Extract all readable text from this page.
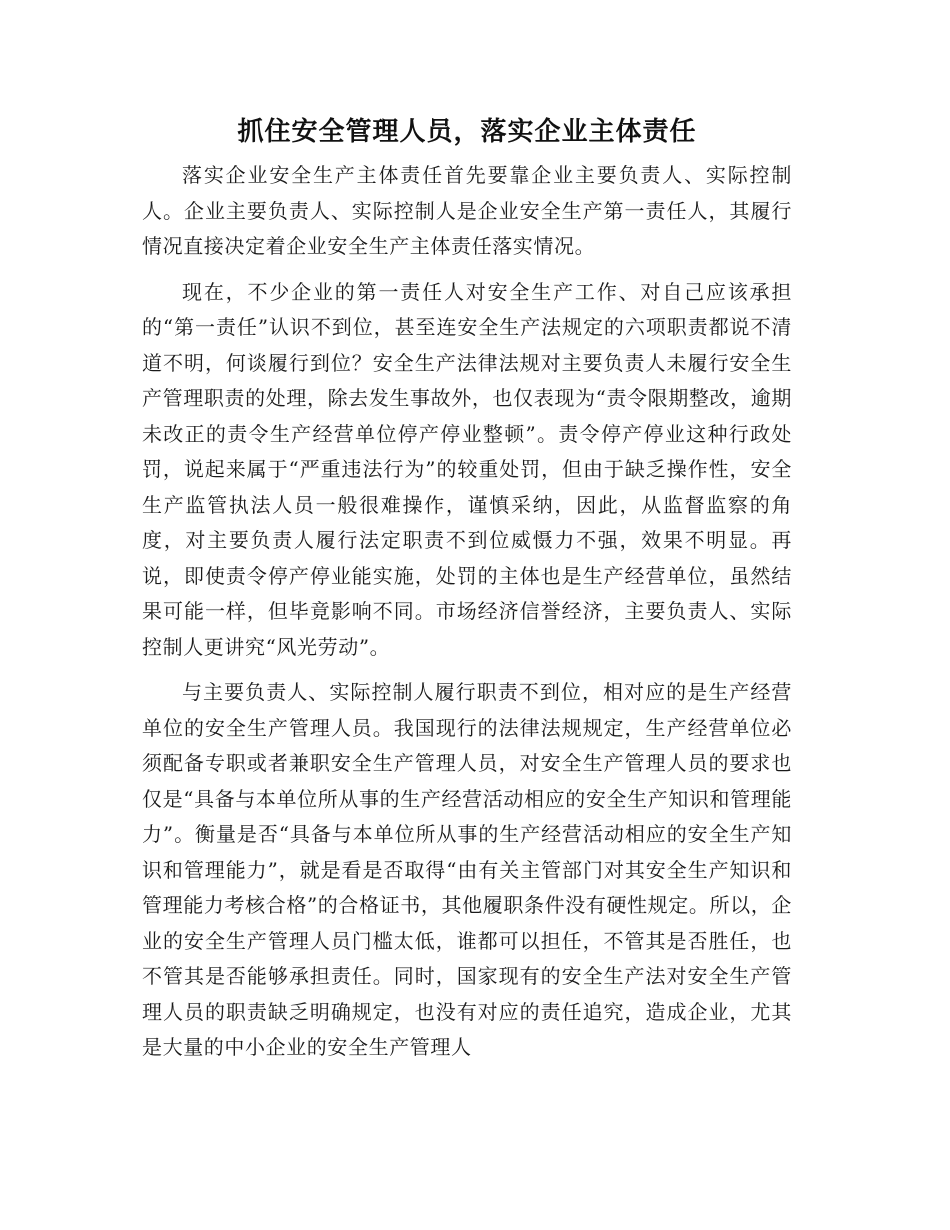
抓住安全管理人员，落实企业主体责任

落实企业安全生产主体责任首先要靠企业主要负责人、实际控制人。企业主要负责人、实际控制人是企业安全生产第一责任人，其履行情况直接决定着企业安全生产主体责任落实情况。

现在，不少企业的第一责任人对安全生产工作、对自己应该承担的“第一责任”认识不到位，甚至连安全生产法规定的六项职责都说不清道不明，何谈履行到位？安全生产法律法规对主要负责人未履行安全生产管理职责的处理，除去发生事故外，也仅表现为“责令限期整改，逾期未改正的责令生产经营单位停产停业整顿”。责令停产停业这种行政处罚，说起来属于“严重违法行为”的较重处罚，但由于缺乏操作性，安全生产监管执法人员一般很难操作，谨慎采纳，因此，从监督监察的角度，对主要负责人履行法定职责不到位威慑力不强，效果不明显。再说，即使责令停产停业能实施，处罚的主体也是生产经营单位，虽然结果可能一样，但毕竟影响不同。市场经济信誉经济，主要负责人、实际控制人更讲究“风光劳动”。

与主要负责人、实际控制人履行职责不到位，相对应的是生产经营单位的安全生产管理人员。我国现行的法律法规规定，生产经营单位必须配备专职或者兼职安全生产管理人员，对安全生产管理人员的要求也仅是“具备与本单位所从事的生产经营活动相应的安全生产知识和管理能力”。衡量是否“具备与本单位所从事的生产经营活动相应的安全生产知识和管理能力”，就是看是否取得“由有关主管部门对其安全生产知识和管理能力考核合格”的合格证书，其他履职条件没有硬性规定。所以，企业的安全生产管理人员门槛太低，谁都可以担任，不管其是否胜任，也不管其是否能够承担责任。同时，国家现有的安全生产法对安全生产管理人员的职责缺乏明确规定，也没有对应的责任追究，造成企业，尤其是大量的中小企业的安全生产管理人
